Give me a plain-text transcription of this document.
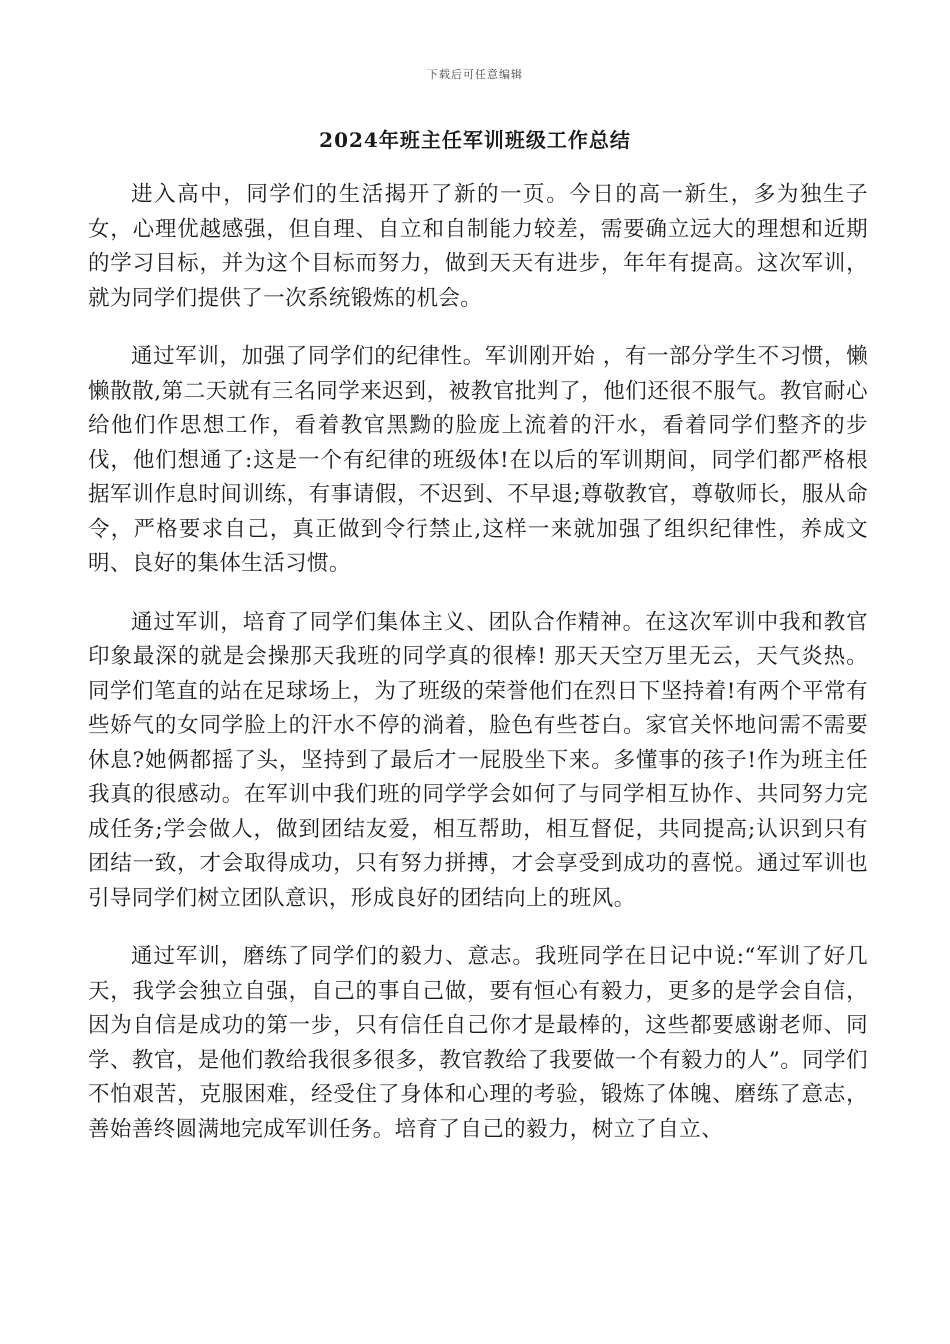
下载后可任意编辑
2024年班主任军训班级工作总结

进入高中，同学们的生活揭开了新的一页。今日的高一新生，多为独生子女，心理优越感强，但自理、自立和自制能力较差，需要确立远大的理想和近期的学习目标，并为这个目标而努力，做到天天有进步，年年有提高。这次军训，就为同学们提供了一次系统锻炼的机会。

通过军训，加强了同学们的纪律性。军训刚开始 ，有一部分学生不习惯，懒懒散散,第二天就有三名同学来迟到，被教官批判了，他们还很不服气。教官耐心给他们作思想工作，看着教官黑黝的脸庞上流着的汗水，看着同学们整齐的步伐，他们想通了:这是一个有纪律的班级体!在以后的军训期间，同学们都严格根据军训作息时间训练，有事请假，不迟到、不早退;尊敬教官，尊敬师长，服从命令，严格要求自己，真正做到令行禁止,这样一来就加强了组织纪律性，养成文明、良好的集体生活习惯。

通过军训，培育了同学们集体主义、团队合作精神。在这次军训中我和教官印象最深的就是会操那天我班的同学真的很棒! 那天天空万里无云，天气炎热。同学们笔直的站在足球场上，为了班级的荣誉他们在烈日下坚持着!有两个平常有些娇气的女同学脸上的汗水不停的淌着，脸色有些苍白。家官关怀地问需不需要休息?她俩都摇了头，坚持到了最后才一屁股坐下来。多懂事的孩子!作为班主任我真的很感动。在军训中我们班的同学学会如何了与同学相互协作、共同努力完成任务;学会做人，做到团结友爱，相互帮助，相互督促，共同提高;认识到只有团结一致，才会取得成功，只有努力拼搏，才会享受到成功的喜悦。通过军训也引导同学们树立团队意识，形成良好的团结向上的班风。

通过军训，磨练了同学们的毅力、意志。我班同学在日记中说:“军训了好几天，我学会独立自强，自己的事自己做，要有恒心有毅力，更多的是学会自信，因为自信是成功的第一步，只有信任自己你才是最棒的，这些都要感谢老师、同学、教官，是他们教给我很多很多，教官教给了我要做一个有毅力的人”。同学们不怕艰苦，克服困难，经受住了身体和心理的考验，锻炼了体魄、磨练了意志，善始善终圆满地完成军训任务。培育了自己的毅力，树立了自立、
